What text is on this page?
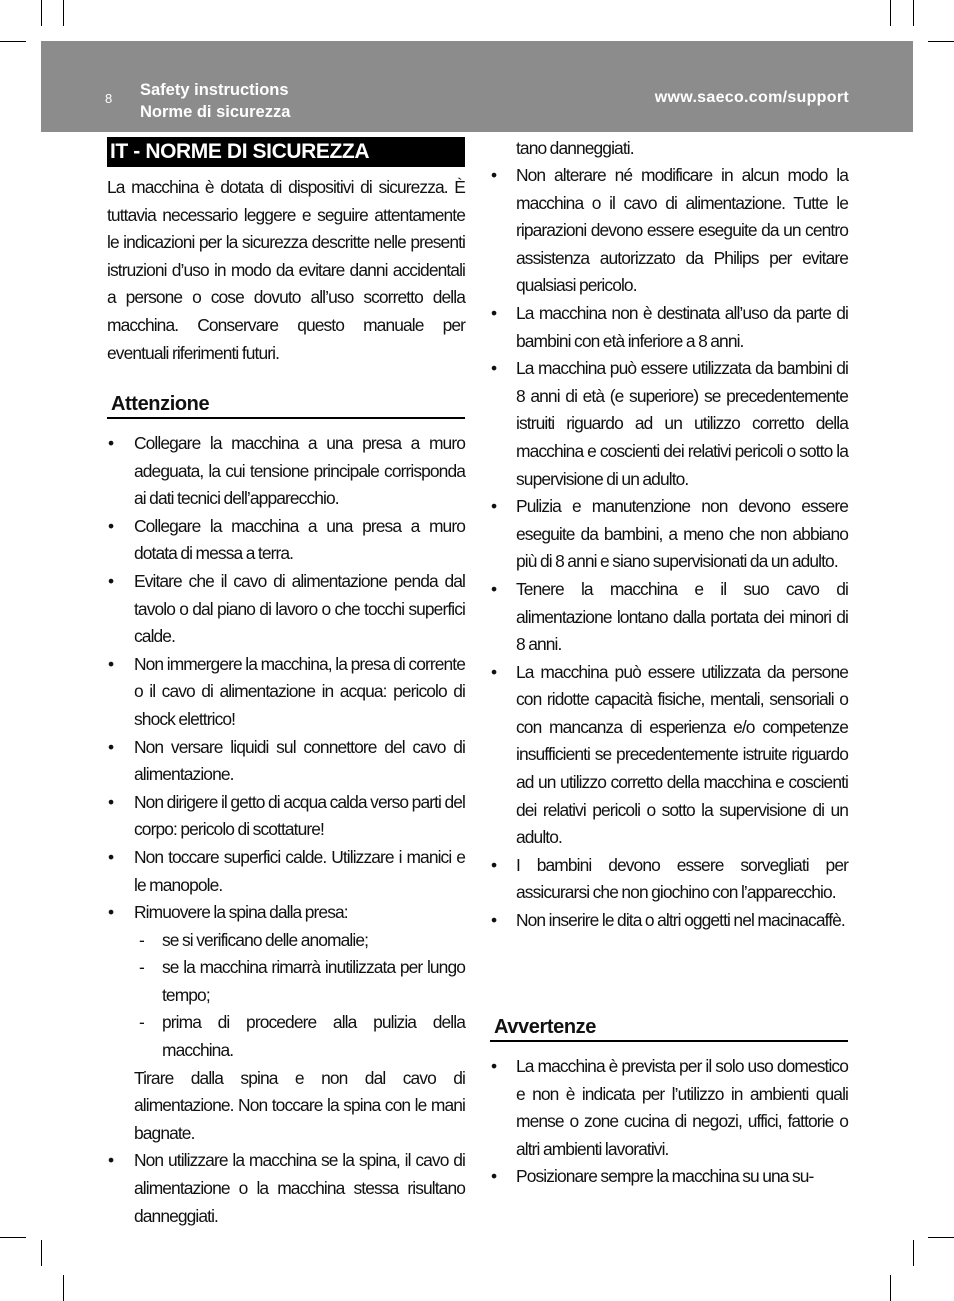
8 Safety instructions
Norme di sicurezza
www.saeco.com/support
IT - NORME DI SICUREZZA

La macchina è dotata di dispositivi di sicurezza. È tuttavia necessario leggere e seguire attentamente le indicazioni per la sicurezza descritte nelle presenti istruzioni d’uso in modo da evitare danni accidentali a persone o cose dovuto all’uso scorretto della macchina. Conservare questo manuale per eventuali riferimenti futuri.

Attenzione
• Collegare la macchina a una presa a muro adeguata, la cui tensione principale corrisponda ai dati tecnici dell’apparecchio.
• Collegare la macchina a una presa a muro dotata di messa a terra.
• Evitare che il cavo di alimentazione penda dal tavolo o dal piano di lavoro o che tocchi superfici calde.
• Non immergere la macchina, la presa di corrente o il cavo di alimentazione in acqua: pericolo di shock elettrico!
• Non versare liquidi sul connettore del cavo di alimentazione.
• Non dirigere il getto di acqua calda verso parti del corpo: pericolo di scottature!
• Non toccare superfici calde. Utilizzare i manici e le manopole.
• Rimuovere la spina dalla presa:
- se si verificano delle anomalie;
- se la macchina rimarrà inutilizzata per lungo tempo;
- prima di procedere alla pulizia della macchina.

Tirare dalla spina e non dal cavo di alimentazione. Non toccare la spina con le mani bagnate.

• Non utilizzare la macchina se la spina, il cavo di alimentazione o la macchina stessa risultano danneggiati.

tano danneggiati.

• Non alterare né modificare in alcun modo la macchina o il cavo di alimentazione. Tutte le riparazioni devono essere eseguite da un centro assistenza autorizzato da Philips per evitare qualsiasi pericolo.
• La macchina non è destinata all’uso da parte di bambini con età inferiore a 8 anni.
• La macchina può essere utilizzata da bambini di 8 anni di età (e superiore) se precedentemente istruiti riguardo ad un utilizzo corretto della macchina e coscienti dei relativi pericoli o sotto la supervisione di un adulto.
• Pulizia e manutenzione non devono essere eseguite da bambini, a meno che non abbiano più di 8 anni e siano supervisionati da un adulto.
• Tenere la macchina e il suo cavo di alimentazione lontano dalla portata dei minori di 8 anni.
• La macchina può essere utilizzata da persone con ridotte capacità fisiche, mentali, sensoriali o con mancanza di esperienza e/o competenze insufficienti se precedentemente istruite riguardo ad un utilizzo corretto della macchina e coscienti dei relativi pericoli o sotto la supervisione di un adulto.
• I bambini devono essere sorvegliati per assicurarsi che non giochino con l’apparecchio.
• Non inserire le dita o altri oggetti nel macinacaffè.
Avvertenze
• La macchina è prevista per il solo uso domestico e non è indicata per l’utilizzo in ambienti quali mense o zone cucina di negozi, uffici, fattorie o altri ambienti lavorativi.
• Posizionare sempre la macchina su una su-
